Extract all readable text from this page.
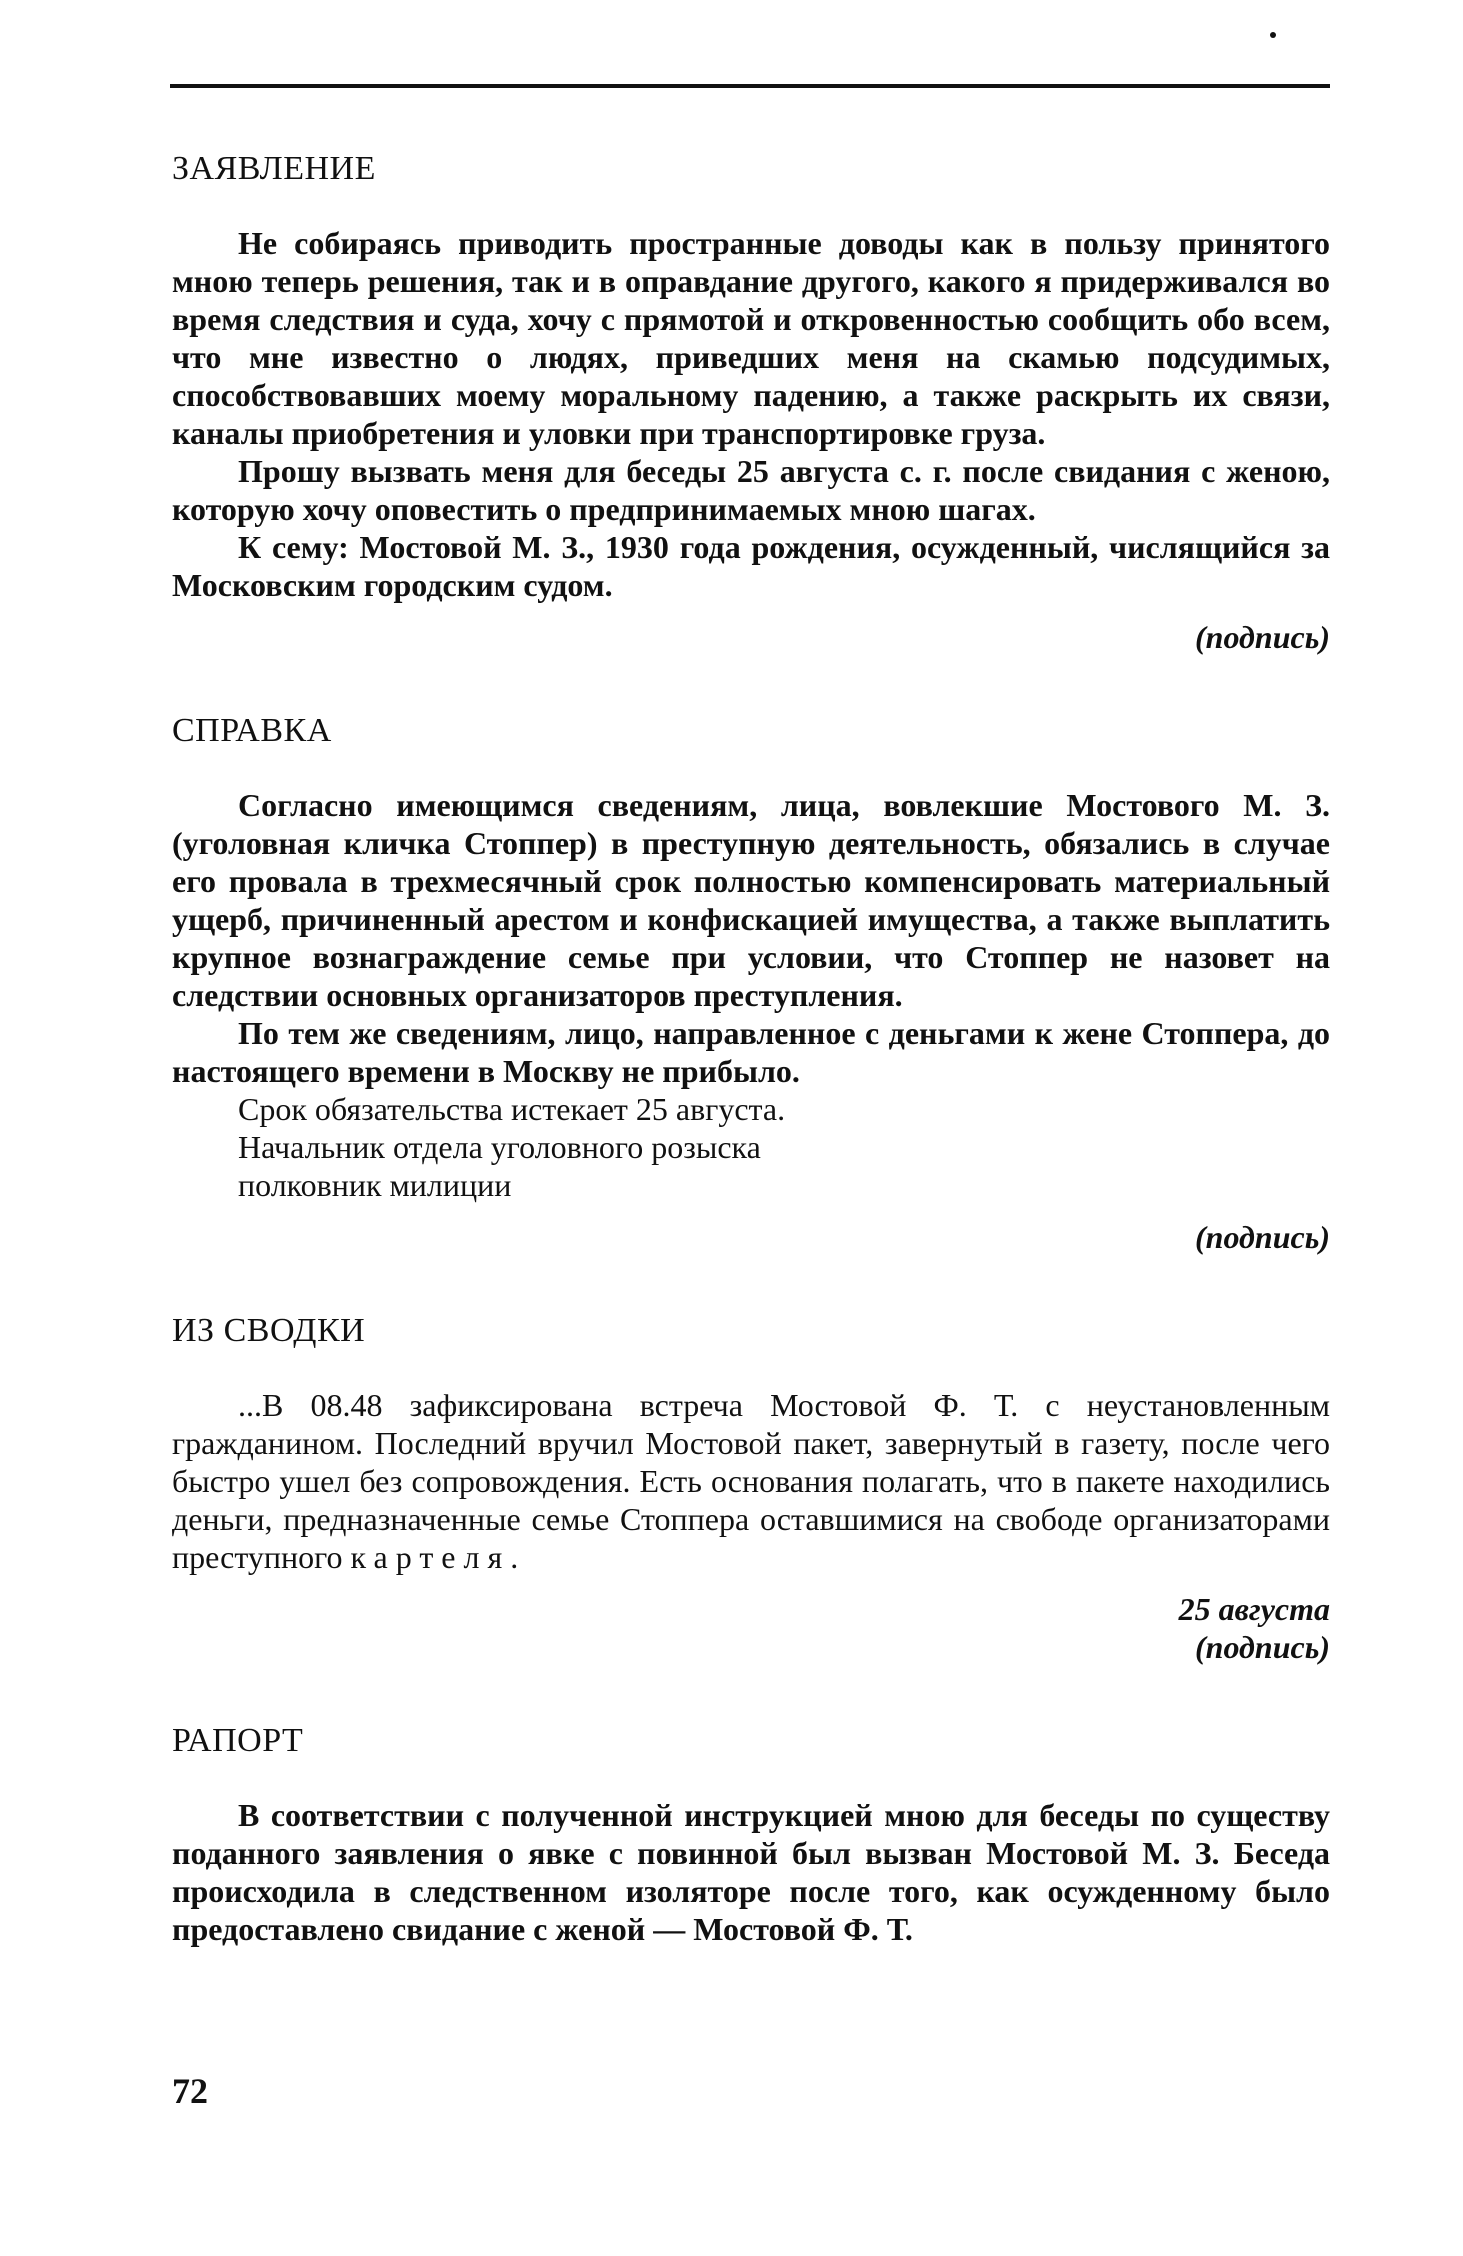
ЗАЯВЛЕНИЕ

Не собираясь приводить пространные доводы как в пользу принятого мною теперь решения, так и в оправдание другого, какого я придерживался во время следствия и суда, хочу с прямотой и откровенностью сообщить обо всем, что мне известно о людях, приведших меня на скамью подсудимых, способствовавших моему моральному падению, а также раскрыть их связи, каналы приобретения и уловки при транспортировке груза.

Прошу вызвать меня для беседы 25 августа с. г. после свидания с женою, которую хочу оповестить о предпринимаемых мною шагах.

К сему: Мостовой М. З., 1930 года рождения, осужденный, числящийся за Московским городским судом.

(подпись)
СПРАВКА

Согласно имеющимся сведениям, лица, вовлекшие Мостового М. З. (уголовная кличка Стоппер) в преступную деятельность, обязались в случае его провала в трехмесячный срок полностью компенсировать материальный ущерб, причиненный арестом и конфискацией имущества, а также выплатить крупное вознаграждение семье при условии, что Стоппер не назовет на следствии основных организаторов преступления.

По тем же сведениям, лицо, направленное с деньгами к жене Стоппера, до настоящего времени в Москву не прибыло.

Срок обязательства истекает 25 августа.

Начальник отдела уголовного розыска

полковник милиции

(подпись)
ИЗ СВОДКИ

...В 08.48 зафиксирована встреча Мостовой Ф. Т. с неустановленным гражданином. Последний вручил Мостовой пакет, завернутый в газету, после чего быстро ушел без сопровождения. Есть основания полагать, что в пакете находились деньги, предназначенные семье Стоппера оставшимися на свободе организаторами преступного картеля.

25 августа
(подпись)
РАПОРТ

В соответствии с полученной инструкцией мною для беседы по существу поданного заявления о явке с повинной был вызван Мостовой М. З. Беседа происходила в следственном изоляторе после того, как осужденному было предоставлено свидание с женой — Мостовой Ф. Т.

72
